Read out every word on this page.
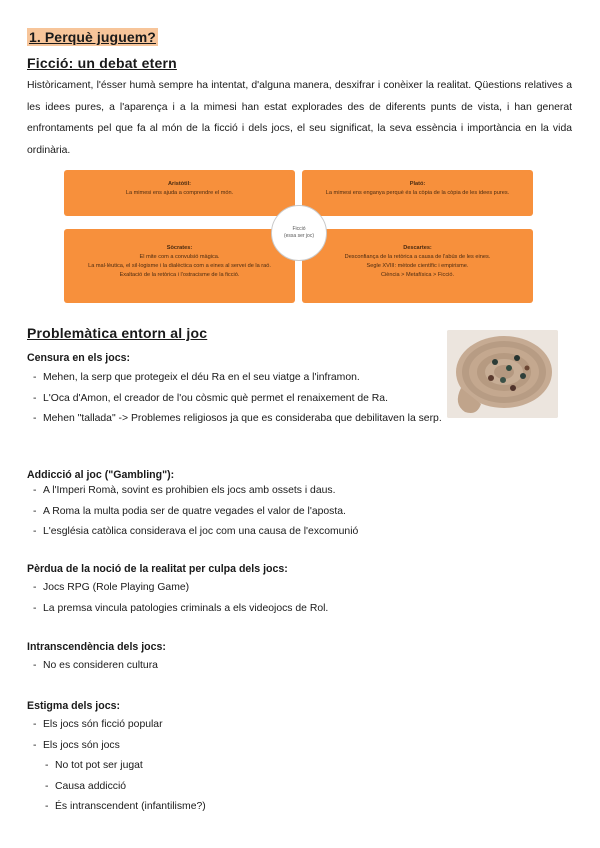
1. Perquè juguem?
Ficció: un debat etern

Històricament, l'ésser humà sempre ha intentat, d'alguna manera, desxifrar i conèixer la realitat. Qüestions relatives a les idees pures, a l'aparença i a la mimesi han estat explorades des de diferents punts de vista, i han generat enfrontaments pel que fa al món de la ficció i dels jocs, el seu significat, la seva essència i importància en la vida ordinària.

Aristòtil:
La mimesi ens ajuda a comprendre el món.
Plató:
La mimesi ens enganya perquè és la còpia de la còpia de les idees pures.
Sòcrates:
El mite com a convulsió màgica.
La mal·lèutica, el sil·logisme i la dialèctica com a eines al servei de la raó.
Exaltació de la retòrica i l'ostracisme de la ficció.
Descartes:
Desconfiança de la retòrica a causa de l'abús de les eines.
Segle XVIII: mètode científic i empirisme.
Ciència > Metafísica > Ficció.
Ficció
(essa ser joc)
Problemàtica entorn al joc
Censura en els jocs:
- Mehen, la serp que protegeix el déu Ra en el seu viatge a l'inframon.
- L'Oca d'Amon, el creador de l'ou còsmic què permet el renaixement de Ra.
- Mehen "tallada" -> Problemes religiosos ja que es consideraba que debilitaven la serp.
Addicció al joc ("Gambling"):
- A l'Imperi Romà, sovint es prohibien els jocs amb ossets i daus.
- A Roma la multa podia ser de quatre vegades el valor de l'aposta.
- L'església catòlica considerava el joc com una causa de l'excomunió
Pèrdua de la noció de la realitat per culpa dels jocs:
- Jocs RPG (Role Playing Game)
- La premsa vincula patologies criminals a els videojocs de Rol.
Intranscendència dels jocs:
- No es consideren cultura
Estigma dels jocs:
- Els jocs són ficció popular
- Els jocs són jocs
- No tot pot ser jugat
- Causa addicció
- És intranscendent (infantilisme?)
